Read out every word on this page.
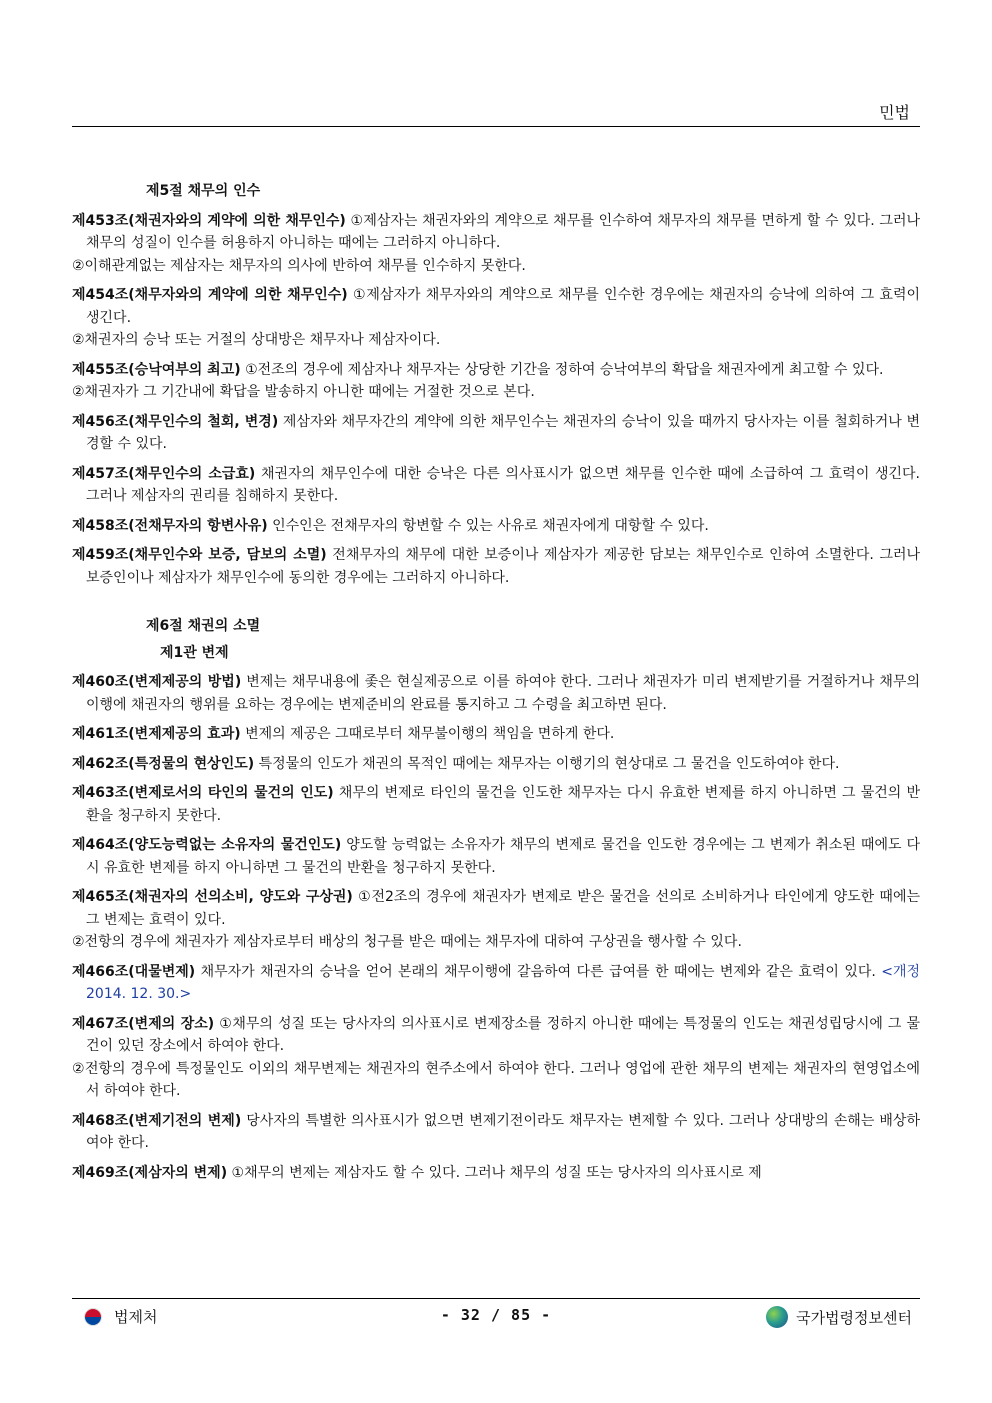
민법
제5절 채무의 인수

제453조(채권자와의 계약에 의한 채무인수) ①제삼자는 채권자와의 계약으로 채무를 인수하여 채무자의 채무를 면하게 할 수 있다. 그러나 채무의 성질이 인수를 허용하지 아니하는 때에는 그러하지 아니하다.

②이해관계없는 제삼자는 채무자의 의사에 반하여 채무를 인수하지 못한다.

제454조(채무자와의 계약에 의한 채무인수) ①제삼자가 채무자와의 계약으로 채무를 인수한 경우에는 채권자의 승낙에 의하여 그 효력이 생긴다.

②채권자의 승낙 또는 거절의 상대방은 채무자나 제삼자이다.

제455조(승낙여부의 최고) ①전조의 경우에 제삼자나 채무자는 상당한 기간을 정하여 승낙여부의 확답을 채권자에게 최고할 수 있다.

②채권자가 그 기간내에 확답을 발송하지 아니한 때에는 거절한 것으로 본다.

제456조(채무인수의 철회, 변경) 제삼자와 채무자간의 계약에 의한 채무인수는 채권자의 승낙이 있을 때까지 당사자는 이를 철회하거나 변경할 수 있다.

제457조(채무인수의 소급효) 채권자의 채무인수에 대한 승낙은 다른 의사표시가 없으면 채무를 인수한 때에 소급하여 그 효력이 생긴다. 그러나 제삼자의 권리를 침해하지 못한다.

제458조(전채무자의 항변사유) 인수인은 전채무자의 항변할 수 있는 사유로 채권자에게 대항할 수 있다.

제459조(채무인수와 보증, 담보의 소멸) 전채무자의 채무에 대한 보증이나 제삼자가 제공한 담보는 채무인수로 인하여 소멸한다. 그러나 보증인이나 제삼자가 채무인수에 동의한 경우에는 그러하지 아니하다.

제6절 채권의 소멸
제1관 변제

제460조(변제제공의 방법) 변제는 채무내용에 좇은 현실제공으로 이를 하여야 한다. 그러나 채권자가 미리 변제받기를 거절하거나 채무의 이행에 채권자의 행위를 요하는 경우에는 변제준비의 완료를 통지하고 그 수령을 최고하면 된다.

제461조(변제제공의 효과) 변제의 제공은 그때로부터 채무불이행의 책임을 면하게 한다.

제462조(특정물의 현상인도) 특정물의 인도가 채권의 목적인 때에는 채무자는 이행기의 현상대로 그 물건을 인도하여야 한다.

제463조(변제로서의 타인의 물건의 인도) 채무의 변제로 타인의 물건을 인도한 채무자는 다시 유효한 변제를 하지 아니하면 그 물건의 반환을 청구하지 못한다.

제464조(양도능력없는 소유자의 물건인도) 양도할 능력없는 소유자가 채무의 변제로 물건을 인도한 경우에는 그 변제가 취소된 때에도 다시 유효한 변제를 하지 아니하면 그 물건의 반환을 청구하지 못한다.

제465조(채권자의 선의소비, 양도와 구상권) ①전2조의 경우에 채권자가 변제로 받은 물건을 선의로 소비하거나 타인에게 양도한 때에는 그 변제는 효력이 있다.

②전항의 경우에 채권자가 제삼자로부터 배상의 청구를 받은 때에는 채무자에 대하여 구상권을 행사할 수 있다.

제466조(대물변제) 채무자가 채권자의 승낙을 얻어 본래의 채무이행에 갈음하여 다른 급여를 한 때에는 변제와 같은 효력이 있다. <개정 2014. 12. 30.>

제467조(변제의 장소) ①채무의 성질 또는 당사자의 의사표시로 변제장소를 정하지 아니한 때에는 특정물의 인도는 채권성립당시에 그 물건이 있던 장소에서 하여야 한다.

②전항의 경우에 특정물인도 이외의 채무변제는 채권자의 현주소에서 하여야 한다. 그러나 영업에 관한 채무의 변제는 채권자의 현영업소에서 하여야 한다.

제468조(변제기전의 변제) 당사자의 특별한 의사표시가 없으면 변제기전이라도 채무자는 변제할 수 있다. 그러나 상대방의 손해는 배상하여야 한다.

제469조(제삼자의 변제) ①채무의 변제는 제삼자도 할 수 있다. 그러나 채무의 성질 또는 당사자의 의사표시로 제

법제처	- 32 / 85 -	국가법령정보센터
